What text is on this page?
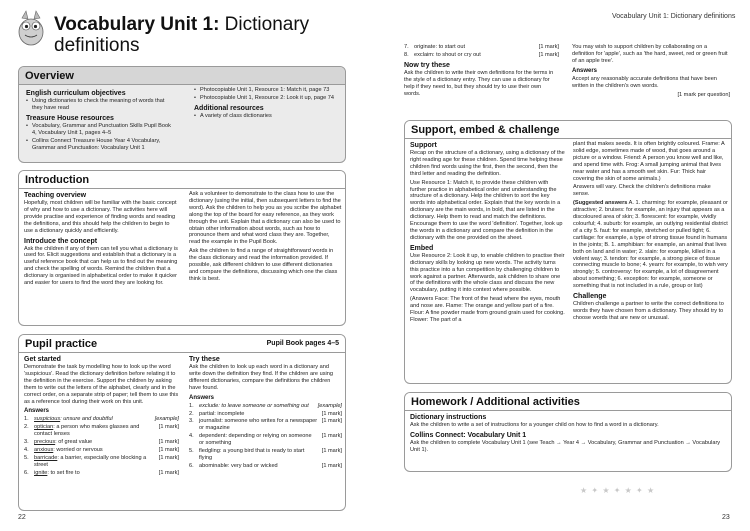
Vocabulary Unit 1: Dictionary
definitions
Vocabulary Unit 1: Dictionary definitions
Overview
English curriculum objectives
• Using dictionaries to check the meaning of words that they have read
Treasure House resources
• Vocabulary, Grammar and Punctuation Skills Pupil Book 4, Vocabulary Unit 1, pages 4–5
• Collins Connect Treasure House Year 4 Vocabulary, Grammar and Punctuation: Vocabulary Unit 1
• Photocopiable Unit 1, Resource 1: Match it, page 73
• Photocopiable Unit 1, Resource 2: Look it up, page 74
Additional resources
• A variety of class dictionaries
Introduction
Teaching overview

Hopefully, most children will be familiar with the basic concept of why and how to use a dictionary. The activities here will provide practise and experience of finding words and reading the definitions, and this should help the children to begin to use a dictionary quickly and efficiently.

Introduce the concept

Ask the children if any of them can tell you what a dictionary is used for. Elicit suggestions and establish that a dictionary is a useful reference book that can help us to find out the meaning and check the spelling of words. Remind the children that a dictionary is organised in alphabetical order to make it quicker and easier for users to find the word they are looking for.

Ask a volunteer to demonstrate to the class how to use the dictionary (using the initial, then subsequent letters to find the word). Ask the children to help you as you scribe the alphabet along the top of the board for easy reference, as they work through the unit. Explain that a dictionary can also be used to obtain other information about words, such as how to pronounce them and what word class they are. Together, read the example in the Pupil Book.

Ask the children to find a range of straightforward words in the class dictionary and read the information provided. If possible, ask different children to use different dictionaries and compare the definitions, discussing which one the class think is best.

Pupil practice	Pupil Book pages 4–5
Get started

Demonstrate the task by modelling how to look up the word 'suspicious'. Read the dictionary definition before relating it to the definition in the exercise. Support the children by asking them to write out the letters of the alphabet, clearly and in the correct order, on a separate strip of paper; tell them to use this as a reference tool during their work on this unit.

Answers
1. suspicious: unsure and doubtful	[example]
2. optician: a person who makes glasses and contact lenses
[1 mark]
3. precious: of great value	[1 mark]
4. anxious: worried or nervous	[1 mark]
5. barricade: a barrier, especially one blocking a street
[1 mark]
6. ignite: to set fire to	[1 mark]
Try these

Ask the children to look up each word in a dictionary and write down the definition they find. If the children are using different dictionaries, compare the definitions the children have found.

Answers
1. exclude: to leave someone or something out	[example]
2. partial: incomplete	[1 mark]
3. journalist: someone who writes for a newspaper or magazine
[1 mark]
4. dependent: depending or relying on someone or something
[1 mark]
5. fledgling: a young bird that is ready to start flying
[1 mark]
6. abominable: very bad or wicked	[1 mark]
7. originate: to start out	[1 mark]
8. exclaim: to shout or cry out	[1 mark]
Now try these

Ask the children to write their own definitions for the terms in the style of a dictionary entry. They can use a dictionary for help if they need to, but they should try to use their own words.

You may wish to support children by collaborating on a definition for 'apple', such as 'the hard, sweet, red or green fruit of an apple tree'.

Answers

Accept any reasonably accurate definitions that have been written in the children's own words.

[1 mark per question]

Support, embed & challenge
Support

Recap on the structure of a dictionary, using a dictionary of the right reading age for these children. Spend time helping these children find words using the first, then the second, then the third letter and reading the definition.

Use Resource 1: Match it, to provide these children with further practice in alphabetical order and understanding the structure of a dictionary. Help the children to sort the key words into alphabetical order. Explain that the key words in a dictionary are the main words, in bold, that are listed in the dictionary. Help them to read and match the definitions. Encourage them to use the word 'definition'. Together, look up the words in a dictionary and compare the definition in the dictionary with the one provided on the sheet.

Embed

Use Resource 2: Look it up, to enable children to practise their dictionary skills by looking up new words. The activity turns this practice into a fun competition by challenging children to work against a partner. Afterwards, ask children to share one of the definitions with the whole class and discuss the new vocabulary, putting it into context where possible.

(Answers Face: The front of the head where the eyes, mouth and nose are. Flame: The orange and yellow part of a fire. Flour: A fine powder made from ground grain used for cooking. Flower: The part of a

plant that makes seeds. It is often brightly coloured. Frame: A solid edge, sometimes made of wood, that goes around a picture or a window. Friend: A person you know well and like, and spend time with. Frog: A small jumping animal that lives near water and has a smooth wet skin. Fur: Thick hair covering the skin of some animals.)

Answers will vary. Check the children's definitions make sense.

(Suggested answers A. 1. charming: for example, pleasant or attractive; 2. bruises: for example, an injury that appears as a discoloured area of skin; 3. florescent: for example, vividly colourful; 4. suburb: for example, an outlying residential district of a city 5. faut: for example, stretched or pulled tight; 6. cartilage: for example, a type of strong tissue found in humans in the joints; B. 1. amphibian: for example, an animal that lives both on land and in water; 2. slain: for example, killed in a violent way; 3. tendon: for example, a strong piece of tissue connecting muscle to bone; 4. yearn: for example, to wish very strongly; 5. controversy: for example, a lot of disagreement about something; 6. exception: for example, someone or something that is not included in a rule, group or list)

Challenge

Children challenge a partner to write the correct definitions to words they have chosen from a dictionary. They should try to choose words that are new or unusual.

Homework / Additional activities
Dictionary instructions

Ask the children to write a set of instructions for a younger child on how to find a word in a dictionary.

Collins Connect: Vocabulary Unit 1

Ask the children to complete Vocabulary Unit 1 (see Teach → Year 4 → Vocabulary, Grammar and Punctuation → Vocabulary Unit 1).

★ ✦ ★ ✦ ★ ✦ ★
22	23
